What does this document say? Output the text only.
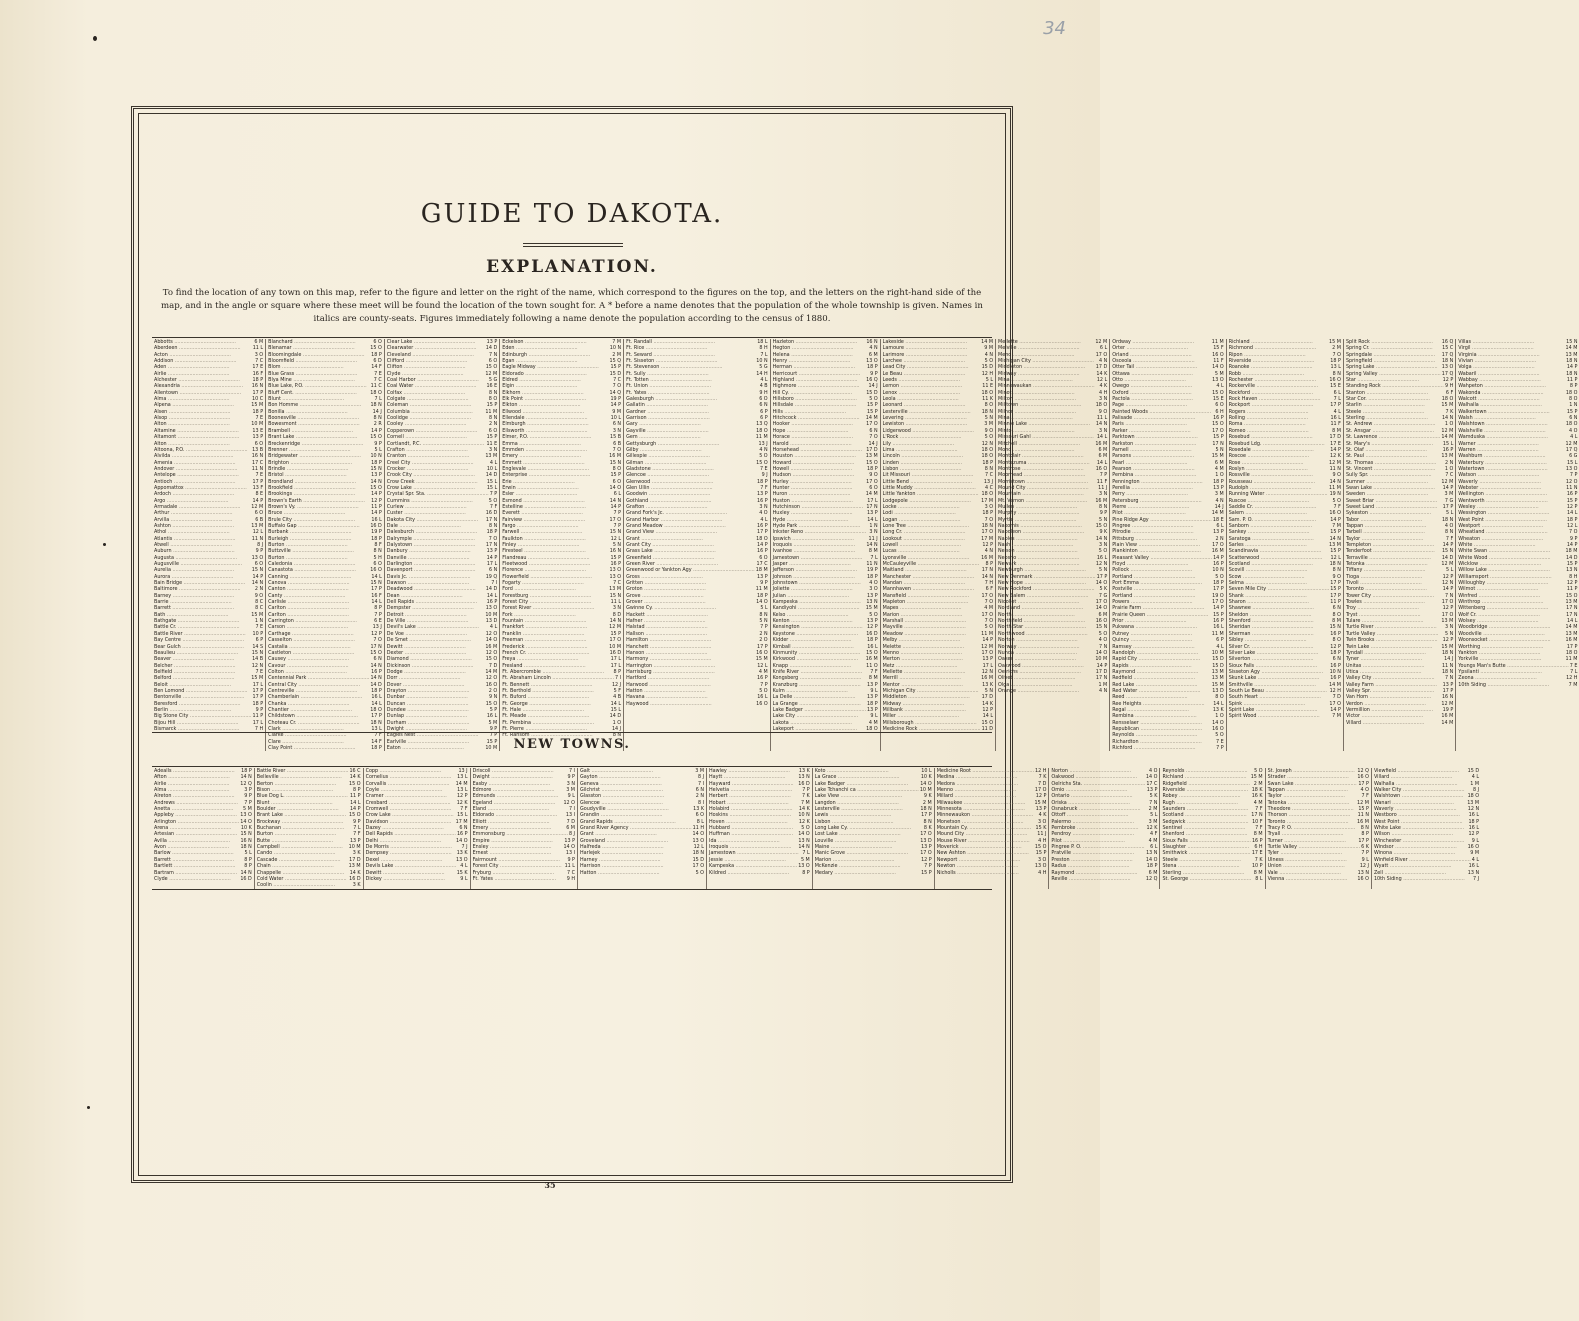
34
GUIDE TO DAKOTA.
EXPLANATION.
To find the location of any town on this map, refer to the figure and letter on the right of the name, which correspond to the figures on the top, and the letters on the right-hand side of the map, and in the angle or square where these meet will be found the location of the town sought for. A * before a name denotes that the population of the whole township is given. Names in italics are county-seats. Figures immediately following a name denote the population according to the census of 1880.
Abbotts .....	6 M
Aberdeen .....	11 L
Acton .....	3 O
Addison .....	7 C
Aden .....	17 E
Airlie .....	16 F
Alchester .....	18 P
Alexandria .....	16 N
Allentown .....	17 P
Alma .....	10 C
Alpena .....	15 M
Alsen .....	18 P
Alsop .....	7 E
Alton .....	10 M
Altamine .....	13 E
Altamont .....	13 P
Alton .....	6 O
Altoona, P.O. .....	13 B
Alvilda .....	16 N
Amenia .....	17 C
Andover .....	11 N
Antelope .....	7 E
Antioch .....	17 P
Appomattox .....	13 F
Ardoch .....	8 E
Argo .....	14 P
Armadale .....	12 M
Arthur .....	6 O
Arvilla .....	6 B
Ashton .....	13 M
Athol .....	12 L
Atlantis .....	11 N
Atwell .....	8 J
Auburn .....	9 P
Augusta .....	13 O
Augusville .....	6 O
Aurelia .....	15 N
Aurora .....	14 P
Bain Bridge .....	14 N
Baltimore .....	2 N
Barney .....	9 O
Barrie .....	8 C
Barrett .....	8 C
Bath .....	15 M
Bathgate .....	1 N
Battle Cr. .....	7 E
Battle River .....	10 P
Bay Centre .....	6 P
Bear Gulch .....	14 S
Beaulieu .....	15 N
Beaver .....	14 B
Belcher .....	12 N
Belfield .....	7 E
Belford .....	15 M
Beloit .....	17 L
Ben Lomond .....	17 P
Bentonville .....	17 P
Beresford .....	18 P
Berlin .....	9 P
Big Stone City .....	11 P
Bijou Hill .....	17 L
Bismarck .....	7 H
Blanchard .....	6 O
Blenamar .....	15 O
Bloomingdale .....	18 P
Bloomfield .....	6 D
Blom .....	14 F
Blue Grass .....	7 E
Blya Mine .....	7 C
Blue Lake, P.O. .....	11 C
Bluff Cent. .....	18 O
Blunt .....	7 L
Bon Homme .....	18 N
Bonilla .....	14 J
Boonesville .....	8 N
Bowesmont .....	2 R
Brambell .....	14 P
Brant Lake .....	15 O
Breckenridge .....	9 P
Brenner .....	5 L
Bridgewater .....	10 N
Brighton .....	18 P
Brindle .....	15 N
Bristol .....	13 P
Brondland .....	14 N
Brookfield .....	15 O
Brookings .....	14 P
Brown's Earth .....	12 P
Brown's Vy. .....	11 P
Bruce .....	14 P
Brule City .....	16 L
Buffalo Gap .....	16 D
Burbank .....	19 P
Burleigh .....	18 P
Burton .....	8 F
Buttzville .....	8 N
Burton .....	5 H
Caledonia .....	6 O
Canastota .....	16 O
Canning .....	14 L
Canova .....	15 N
Canton .....	17 P
Canty .....	16 F
Carlisle .....	14 L
Carlton .....	8 P
Carlton .....	7 P
Carrington .....	6 E
Carson .....	13 J
Carthage .....	12 P
Casselton .....	7 O
Castalia .....	17 N
Castleton .....	15 O
Causey .....	6 N
Cavour .....	14 N
Colton .....	16 P
Centennial Park .....	14 N
Central City .....	14 D
Centreville .....	18 P
Chamberlain .....	16 L
Chanka .....	14 L
Chantier .....	18 O
Childstown .....	17 P
Choteau Cr. .....	18 N
Clark .....	13 L
Clarke .....	7 F
Clare .....	14 F
Clay Point .....	18 P
Clear Lake .....	13 P
Clearwater .....	14 D
Cleveland .....	7 N
Clifford .....	6 O
Clifton .....	15 O
Clyde .....	12 M
Coal Harbor .....	5 G
Coal Water .....	16 E
Colfax .....	8 N
Colgate .....	8 O
Coleman .....	15 P
Columbia .....	11 M
Coolidge .....	8 N
Cooley .....	2 N
Copperown .....	6 O
Cornell .....	15 P
Cortlandt, P.C. .....	11 E
Crafton .....	3 N
Cranton .....	13 M
Creel City .....	4 L
Crocker .....	10 L
Crook City .....	14 D
Crow Creek .....	15 L
Crow Lake .....	15 L
Crystal Spr. Sta. .....	7 P
Cummins .....	5 O
Curlew .....	7 F
Custer .....	16 D
Dakota City .....	17 N
Dale .....	8 N
Dalesburch .....	18 P
Dalrymple .....	7 O
Dalystown .....	17 N
Danbury .....	13 P
Danville .....	14 P
Darlington .....	17 L
Davenport .....	6 N
Davis Jc. .....	19 Q
Dawson .....	7 I
Deadwood .....	14 D
Dean .....	14 L
Dell Rapids .....	16 P
Dempster .....	13 O
Detroit .....	10 M
De Ville .....	13 D
Devil's Lake .....	4 L
De Voe .....	12 O
De Smet .....	14 O
Dewitt .....	16 M
Dexter .....	12 O
Diamond .....	15 O
Dickinson .....	7 D
Dodge .....	14 M
Dorr .....	12 O
Dover .....	16 O
Drayton .....	2 O
Dunbar .....	9 N
Duncan .....	15 O
Dundee .....	5 P
Dunlap .....	16 L
Durham .....	5 M
Dwight .....	9 P
Eagles Nest .....	7 P
Earlville .....	15 P
Eaton .....	10 M
Eckelson .....	7 M
Eden .....	10 N
Edinburgh .....	2 M
Egan .....	15 Q
Eagle Midway .....	15 P
Eldorado .....	15 D
Eldred .....	7 C
Elgin .....	7 O
Elkhorn .....	14 Q
Elk Point .....	19 P
Elkton .....	14 P
Ellwood .....	9 M
Ellendale .....	10 L
Elmburgh .....	6 N
Ellsworth .....	3 N
Elmer, P.O. .....	15 B
Emma .....	6 B
Emmden .....	7 O
Emery .....	16 M
Emmett .....	15 N
Englevale .....	8 O
Enterprise .....	15 P
Erie .....	6 O
Erwin .....	14 O
Esler .....	6 L
Esmond .....	14 N
Estelline .....	14 P
Everett .....	7 P
Fairview .....	17 O
Fargo .....	7 P
Farwell .....	15 N
Faulkton .....	12 L
Finley .....	5 N
Firesteel .....	16 N
Flandreau .....	15 P
Fleetwood .....	16 P
Florence .....	13 O
Flowerfield .....	13 O
Fogarty .....	7 C
Ford .....	13 M
Forestburg .....	15 N
Forest City .....	11 L
Forest River .....	3 N
Fork .....	8 D
Fountain .....	14 N
Frankfort .....	12 M
Franklin .....	15 P
Freeman .....	17 O
Frederick .....	10 M
French Cr. .....	16 D
Freya .....	17 L
Fresland .....	17 L
Ft. Abercrombie .....	8 P
Ft. Abraham Lincoln .....	7 I
Ft. Bennett .....	12 J
Ft. Berthold .....	5 F
Ft. Buford .....	4 B
Ft. George .....	14 L
Ft. Hale .....	15 L
Ft. Meade .....	14 D
Ft. Pembina .....	1 O
Ft. Pierre .....	14 J
Ft. Ransom .....	8 N
Ft. Randall .....	18 L
Ft. Rice .....	8 H
Ft. Seward .....	7 L
Ft. Sisseton .....	10 N
Ft. Stevenson .....	5 G
Ft. Sully .....	14 H
Ft. Totten .....	4 L
Ft. Union .....	4 B
Ft. Yates .....	9 H
Galesburgh .....	6 O
Gallatin .....	6 N
Gardner .....	6 P
Garrison .....	6 P
Gary .....	13 Q
Gayville .....	18 O
Gem .....	11 M
Gettysburgh .....	13 J
Gilby .....	4 N
Gillespie .....	5 O
Gilman .....	15 O
Gladstone .....	7 E
Glencoe .....	9 J
Glenwood .....	18 P
Glen Ullin .....	7 F
Goodwin .....	13 P
Gothland .....	16 P
Grafton .....	3 N
Grand Fork's Jc. .....	4 O
Grand Harbor .....	4 L
Grand Meadow .....	16 P
Grand View .....	17 P
Grant .....	18 O
Grant City .....	14 P
Grass Lake .....	16 P
Greenfield .....	6 O
Green River .....	17 C
Greenwood or Yankton Agy .....	18 M
Gross .....	13 P
Gritten .....	9 P
Groton .....	11 M
Grove .....	18 P
Grover .....	14 O
Gwinne Cy. .....	5 L
Hackett .....	8 N
Hafner .....	5 N
Halstad .....	7 P
Hallson .....	2 N
Hamilton .....	2 O
Hanchett .....	17 P
Hanson .....	16 O
Harmony .....	15 M
Harrington .....	12 L
Harrisburg .....	4 M
Hartford .....	16 P
Harwood .....	7 P
Hatton .....	5 O
Havana .....	16 L
Haywood .....	16 O
Hazleton .....	16 N
Hegton .....	4 N
Helena .....	6 M
Henry .....	13 O
Herman .....	18 P
Herricourt .....	9 P
Highland .....	16 Q
Highmore .....	14 J
Hill Cy. .....	15 D
Hillsboro .....	5 O
Hillsdale .....	15 P
Hills .....	15 P
Hitchcock .....	14 M
Hooker .....	17 O
Hope .....	6 N
Horace .....	7 O
Harold .....	14 J
Horsehead .....	17 D
Houston .....	13 M
Howard .....	15 O
Howell .....	18 P
Hudson .....	9 O
Hurley .....	17 O
Hunter .....	6 O
Huron .....	14 M
Huston .....	17 L
Hutchinson .....	17 N
Huxley .....	13 P
Hyde .....	14 L
Hyde Park .....	1 N
Inkster Reno .....	3 N
Ipswich .....	11 J
Iroquois .....	14 N
Ivanhoe .....	8 M
Jamestown .....	7 L
Jasper .....	11 N
Jefferson .....	19 P
Johnson .....	18 P
Johnstown .....	4 O
Joliette .....	3 O
Julian .....	13 P
Kampeska .....	13 N
Kandiyohi .....	15 M
Kelso .....	5 O
Kenton .....	13 P
Kensington .....	12 P
Keystone .....	16 D
Kidder .....	18 P
Kimball .....	16 L
Kinmunity .....	15 O
Kirkwood .....	16 M
Knapp .....	11 O
Knife River .....	7 F
Kongsberg .....	8 M
Kranzburg .....	13 P
Kulm .....	9 L
La Delle .....	13 P
La Grange .....	18 P
Lake Badger .....	13 P
Lake City .....	9 L
Lakota .....	4 M
Lakeport .....	18 O
Lakeside .....	14 M
Lamoure .....	9 M
Larimore .....	4 N
Larchee .....	5 O
Lead City .....	15 D
Le Beau .....	12 H
Leeds .....	5 L
Lemon .....	11 E
Lenox .....	18 O
Leola .....	11 K
Leonard .....	8 O
Lesterville .....	18 N
Levering .....	5 N
Lewiston .....	3 M
Lidgerwood .....	9 O
L'Rock .....	5 O
Lily .....	12 N
Lima .....	18 O
Lincoln .....	18 O
Linden .....	18 P
Lisbon .....	8 N
Lit Missouri .....	7 C
Little Bend .....	13 J
Little Muddy .....	4 C
Little Yankton .....	18 O
Lodgepole .....	17 M
Locke .....	3 O
Lodi .....	18 P
Logan .....	7 O
Lone Tree .....	18 N
Long Cr. .....	17 O
Lookout .....	17 M
Lowell .....	12 P
Lucas .....	4 N
Lyonsville .....	16 M
McCauleyville .....	8 P
Maitland .....	17 N
Manchester .....	14 N
Mandan .....	7 H
Mannhaven .....	6 F
Mansfield .....	17 O
Mapleton .....	7 O
Mapes .....	4 M
Marion .....	17 O
Marshall .....	7 O
Mayville .....	5 O
Meadow .....	11 M
Melby .....	14 P
Melette .....	12 M
Menno .....	17 O
Merton .....	13 P
Metz .....	17 L
Mellette .....	12 N
Merrill .....	16 M
Mentor .....	13 K
Michigan City .....	5 N
Middleton .....	17 D
Midway .....	14 K
Millbank .....	12 P
Miller .....	14 L
Millsborough .....	15 O
Medicine Rock .....	11 D
Mellette .....	12 M
Melville .....	6 L
Meno .....	17 O
Michigan City .....	4 N
Middleton .....	17 D
Midway .....	14 K
Mina .....	12 L
Minnewaukan .....	4 K
Minot .....	4 H
Milton .....	3 N
Milltown .....	18 O
Milnor .....	9 O
Mina .....	11 L
Minnie Lake .....	14 N
Minto .....	3 N
Missouri Gahl .....	14 L
Mitchell .....	16 M
Mond .....	6 M
Montclair .....	6 M
Montezuma .....	14 L
Montrose .....	16 O
Moorhead .....	7 P
Morristown .....	11 F
Mound City .....	11 J
Mountain .....	3 N
Mt. Vernon .....	16 M
Mullen .....	8 N
Murphy .....	9 P
Myrtle .....	5 N
Nakomis .....	15 O
Napoleon .....	9 K
Naples .....	14 N
Nash .....	3 N
Nelson .....	5 O
Neosho .....	16 L
Newark .....	12 N
Newburgh .....	5 N
New Denmark .....	17 P
New Hope .....	14 O
New Rockford .....	5 K
New Salem .....	7 G
Nicollet .....	17 O
Nordland .....	14 O
North .....	6 M
Northfield .....	16 O
North Star .....	15 N
Northwood .....	5 O
Norton .....	4 O
Norway .....	7 N
Nunda .....	14 O
Oakes .....	10 M
Oakwood .....	14 P
Oelrichs .....	17 D
Olivet .....	17 N
Olga .....	1 M
Orange .....	4 N
Ordway .....	11 M
Orter .....	15 F
Orland .....	16 O
Osceola .....	11 F
Otter Tail .....	14 O
Ottawa .....	5 M
Otto .....	13 O
Owego .....	4 L
Oxford .....	15 O
Pactola .....	15 E
Page .....	6 O
Painted Woods .....	6 H
Palisade .....	16 P
Paris .....	15 O
Parker .....	17 O
Parktown .....	15 P
Parkston .....	17 N
Parnell .....	5 N
Parsons .....	15 M
Pearl .....	6 M
Pearson .....	4 M
Pembina .....	1 O
Pennington .....	18 P
Perellia .....	13 P
Perry .....	3 M
Petersburg .....	4 N
Pierre .....	14 J
Pilot .....	14 M
Pine Ridge Agy .....	18 E
Pingree .....	6 L
Pitrodie .....	13 P
Pittsburg .....	2 N
Plain View .....	17 O
Plankinton .....	16 M
Pleasant Valley .....	14 P
Floyd .....	16 P
Pollock .....	10 N
Portland .....	5 O
Port Emma .....	18 P
Postville .....	17 P
Portland .....	19 O
Powers .....	17 O
Prairie Farm .....	14 P
Prairie Queen .....	15 P
Prior .....	16 P
Pukwana .....	16 L
Putney .....	11 M
Quincy .....	6 P
Ramsey .....	4 L
Randolph .....	10 M
Rapid City .....	15 D
Rapids .....	15 D
Raymond .....	13 M
Redfield .....	13 M
Red Lake .....	15 M
Red Water .....	13 D
Reed .....	8 O
Ree Heights .....	14 L
Regal .....	13 K
Rembina .....	1 O
Rensselaer .....	14 O
Republican .....	16 O
Reynolds .....	5 O
Richardton .....	7 E
Richford .....	7 P
Richland .....	15 M
Richmond .....	2 M
Ripon .....	7 O
Riverside .....	18 P
Roanoke .....	13 L
Robb .....	8 N
Rochester .....	16 O
Rockerville .....	15 E
Rockford .....	6 L
Rock Haven .....	7 L
Rockport .....	17 P
Rogers .....	4 L
Rolling .....	16 L
Roma .....	11 F
Romeo .....	8 M
Rosebud .....	17 D
Rosebud Ldg. .....	17 E
Rosedale .....	14 P
Roscoe .....	12 K
Rose .....	12 M
Roslyn .....	11 N
Rossville .....	9 O
Rousseau .....	14 N
Rudolph .....	11 M
Running Water .....	19 N
Ruscoe .....	5 O
Saddle Cr. .....	7 F
Salem .....	16 O
Sam. P. O. .....	14 P
Sanborn .....	7 M
Sankey .....	15 P
Saratoga .....	14 N
Sarles .....	13 M
Scandinavia .....	15 P
Scatterwood .....	12 L
Scotland .....	18 N
Scovill .....	8 N
Scow .....	9 O
Selma .....	17 P
Seven Mile City .....	15 P
Shank .....	17 P
Sharon .....	11 P
Shawnee .....	6 N
Sheldon .....	8 O
Shenford .....	8 M
Sheridan .....	15 N
Sherman .....	16 P
Sibley .....	8 O
Silver Cr. .....	12 P
Silver Lake .....	18 P
Silverton .....	6 N
Sioux Falls .....	16 P
Sisseton Agy .....	10 N
Skunk Lake .....	16 P
Smithville .....	14 M
South Le Beau .....	12 H
South Heart .....	7 D
Spink .....	17 O
Spirit Lake .....	14 P
Spirit Wood .....	7 M
Split Rock .....	16 Q
Spring Cr. .....	15 C
Springdale .....	17 Q
Springfield .....	18 N
Spring Lake .....	13 O
Spring Valley .....	17 Q
Star .....	12 P
Standing Rock .....	9 H
Stanton .....	6 F
Star Cor. .....	18 O
Starlin .....	15 M
Steele .....	7 K
Sterling .....	14 N
St. Andrew .....	1 O
St. Ansgar .....	12 M
St. Lawrence .....	14 M
St. Mary's .....	15 L
St. Olaf .....	16 P
St. Paul .....	13 M
St. Thomas .....	2 N
St. Vincent .....	1 O
Sully Spr. .....	7 C
Sumner .....	12 M
Swan Lake .....	14 P
Sweden .....	3 M
Sweet Briar .....	7 G
Sweet Land .....	17 P
Sykeston .....	5 L
Tabor .....	18 N
Tappan .....	4 O
Tarbell .....	8 N
Taylor .....	7 F
Templeton .....	14 P
Tenderfoot .....	15 N
Terraville .....	14 D
Tetonka .....	12 M
Tiffany .....	5 L
Tioga .....	12 P
Tivoli .....	12 N
Toronto .....	14 P
Tower City .....	7 N
Towles .....	17 O
Troy .....	12 P
Tryst .....	17 O
Tulare .....	13 M
Turtle River .....	3 N
Turtle Valley .....	5 N
Twin Brooks .....	12 P
Twin Lake .....	15 M
Tyndall .....	18 N
Tyner .....	14 J
Unitas .....	11 N
Utica .....	18 N
Valley City .....	7 N
Valley Farm .....	13 P
Valley Spr. .....	17 P
Van Horn .....	16 N
Verdon .....	12 M
Vermillion .....	19 P
Victor .....	16 M
Villard .....	14 M
Villas .....	15 N
Virgil .....	14 M
Virginia .....	13 M
Vivian .....	18 N
Volga .....	14 P
Wabaril .....	18 N
Wabbay .....	11 P
Wahpeton .....	8 P
Wakonda .....	18 O
Walcott .....	8 O
Walhalla .....	1 N
Walkertown .....	15 P
Walsh .....	6 N
Walshtown .....	18 O
Walshville .....	4 O
Wamduska .....	4 L
Warner .....	12 M
Warren .....	17 Q
Washburn .....	6 G
Waterbury .....	15 L
Watertown .....	13 O
Watson .....	7 P
Waverly .....	12 O
Webster .....	11 N
Wellington .....	16 P
Wentworth .....	15 P
Wesley .....	12 P
Wessington .....	14 L
West Point .....	18 P
Westport .....	12 L
Wheatland .....	7 O
Wheaton .....	9 P
White .....	14 P
White Swan .....	18 M
White Wood .....	14 D
Wicklow .....	15 P
Willow Lake .....	13 N
Williamsport .....	8 H
Willoughby .....	12 P
Wilmot .....	11 P
Winfred .....	15 O
Winthrop .....	13 M
Wittenberg .....	17 N
Wolf Cr. .....	17 N
Wolsey .....	14 L
Woodbridge .....	14 M
Woodville .....	13 M
Woonsocket .....	16 M
Worthing .....	17 P
Yankton .....	18 O
Yorkville .....	11 M
Youngs Man's Butte .....	7 E
Ypsilanti .....	7 L
Zeona .....	12 H
10th Siding .....	7 M
NEW TOWNS.
Adealls .....	18 P
Afton .....	14 N
Airlie .....	12 Q
Alma .....	3 P
Alreton .....	9 P
Andrews .....	7 P
Anetta .....	5 M
Appleby .....	13 O
Arlington .....	14 O
Arena .....	10 K
Artesian .....	15 N
Avilla .....	16 N
Avon .....	18 N
Barlow .....	5 L
Barrett .....	8 P
Bartlett .....	8 P
Bartram .....	14 N
Clyde .....	16 D
Battle River .....	16 C
Belleville .....	14 K
Berton .....	15 O
Bison .....	8 P
Blue Dog L. .....	11 P
Blunt .....	14 L
Boulder .....	14 P
Brant Lake .....	15 O
Brockway .....	9 P
Buchanan .....	7 L
Burton .....	7 F
Butte .....	13 P
Campbell .....	10 M
Cando .....	3 K
Cascade .....	17 D
Chain .....	13 M
Chappelle .....	14 K
Cold Water .....	16 D
Coolin .....	3 K
Copp .....	13 J
Cornelius .....	13 L
Corvallis .....	14 M
Coyle .....	13 L
Cramer .....	12 P
Cresbard .....	12 K
Cromwell .....	7 F
Crow Lake .....	15 L
Davidson .....	17 M
Dazey .....	6 N
Dell Rapids .....	16 P
Delhi .....	14 O
De Morris .....	7 J
Dempsey .....	13 K
Dexel .....	13 O
Devils Lake .....	4 L
Dewitt .....	15 K
Dickey .....	9 L
Driscoll .....	7 I
Dwight .....	9 P
Easby .....	3 N
Edmore .....	3 M
Edmunds .....	9 L
Egeland .....	12 O
Eland .....	7 I
Eldorado .....	13 I
Elliott .....	7 D
Emery .....	6 M
Emmonsburg .....	8 J
Empire .....	13 P
Ensley .....	14 O
Ernest .....	13 I
Fairmount .....	9 P
Forest City .....	11 L
Fryburg .....	7 C
Ft. Yates .....	9 H
Galt .....	3 M
Gayton .....	8 J
Geneva .....	7 I
Gilchrist .....	6 N
Glasston .....	2 N
Glencoe .....	8 I
Goudyville .....	13 K
Grandin .....	6 O
Grand Rapids .....	8 L
Grand River Agency .....	11 H
Grant .....	14 O
Groveland .....	13 O
Halfreda .....	12 L
Harlejek .....	18 N
Harney .....	15 D
Harrison .....	17 O
Hatton .....	5 O
Hawley .....	13 K
Haytt .....	13 N
Hayward .....	16 D
Helvetia .....	7 P
Herbert .....	7 K
Hobart .....	7 M
Holabird .....	14 K
Hoskins .....	10 N
Hoven .....	12 K
Hubbard .....	5 O
Huffman .....	14 O
Ida .....	13 N
Iroquois .....	14 N
Jamestown .....	7 L
Jessie .....	5 M
Kampeska .....	13 O
Kildred .....	8 P
Koto .....	10 L
La Grace .....	10 K
Lake Badger .....	14 O
Lake Tchanchi ca .....	10 M
Lake View .....	9 K
Langdon .....	2 M
Lesterville .....	18 N
Lewis .....	17 P
Lisbon .....	8 N
Long Lake Cy. .....	8 K
Lost Lake .....	17 O
Louville .....	13 D
Maine .....	13 P
Manic Grove .....	17 O
Marion .....	12 P
McKenzie .....	7 P
Medary .....	15 P
Medicine Root .....	12 H
Medina .....	7 K
Medora .....	7 D
Menno .....	17 O
Millard .....	12 P
Milwaukee .....	15 M
Minnesota .....	13 P
Minnewaukon .....	4 K
Monetson .....	3 O
Mountain Cy. .....	15 K
Mound City .....	11 J
Mouse River .....	4 H
Moverick .....	15 O
New Ashton .....	15 P
Newport .....	3 O
Newton .....	13 O
Nicholls .....	4 H
Norton .....	4 O
Oakwood .....	14 O
Oelrichs Sta. .....	17 C
Omio .....	13 P
Ontario .....	5 K
Oriska .....	7 N
Osnabruck .....	2 M
Ottoff .....	5 L
Palermo .....	3 M
Pembroke .....	12 K
Pendroy .....	4 F
Pilot .....	4 M
Pingree P. O. .....	6 L
Pratville .....	13 N
Preston .....	14 O
Radus .....	18 P
Raymond .....	6 M
Reville .....	12 Q
Reynolds .....	5 O
Richland .....	15 M
Ridgefield .....	2 M
Riverside .....	18 K
Robey .....	16 K
Rugh .....	4 M
Saunders .....	7 F
Scotland .....	17 N
Sedgwick .....	10 F
Sentinel .....	7 F
Shenford .....	8 M
Sioux Falls .....	16 P
Slaughter .....	6 H
Smithwick .....	17 E
Steele .....	7 K
Stena .....	10 P
Sterling .....	8 M
St. George .....	8 L
St. Joseph .....	12 Q
Strader .....	16 O
Swan Lake .....	17 P
Tappan .....	4 O
Taylor .....	7 F
Tetonka .....	12 M
Theodore .....	15 P
Thorson .....	11 N
Toronto .....	16 M
Tracy P. O. .....	8 N
Tryall .....	8 P
Turner .....	17 P
Turtle Valley .....	6 K
Tyler .....	7 P
Ulness .....	9 L
Union .....	12 J
Vale .....	13 N
Vienna .....	16 O
Viewfield .....	15 D
Villard .....	4 L
Walhalla .....	1 M
Walker City .....	8 J
Walshtown .....	18 O
Wanari .....	13 M
Waverly .....	12 N
Westboro .....	16 L
West Point .....	18 P
White Lake .....	16 L
Wilson .....	12 P
Winchester .....	9 L
Windsor .....	16 O
Winona .....	9 M
Winfield River .....	4 L
Wyatt .....	16 L
Zell .....	13 N
10th Siding .....	7 J
35
